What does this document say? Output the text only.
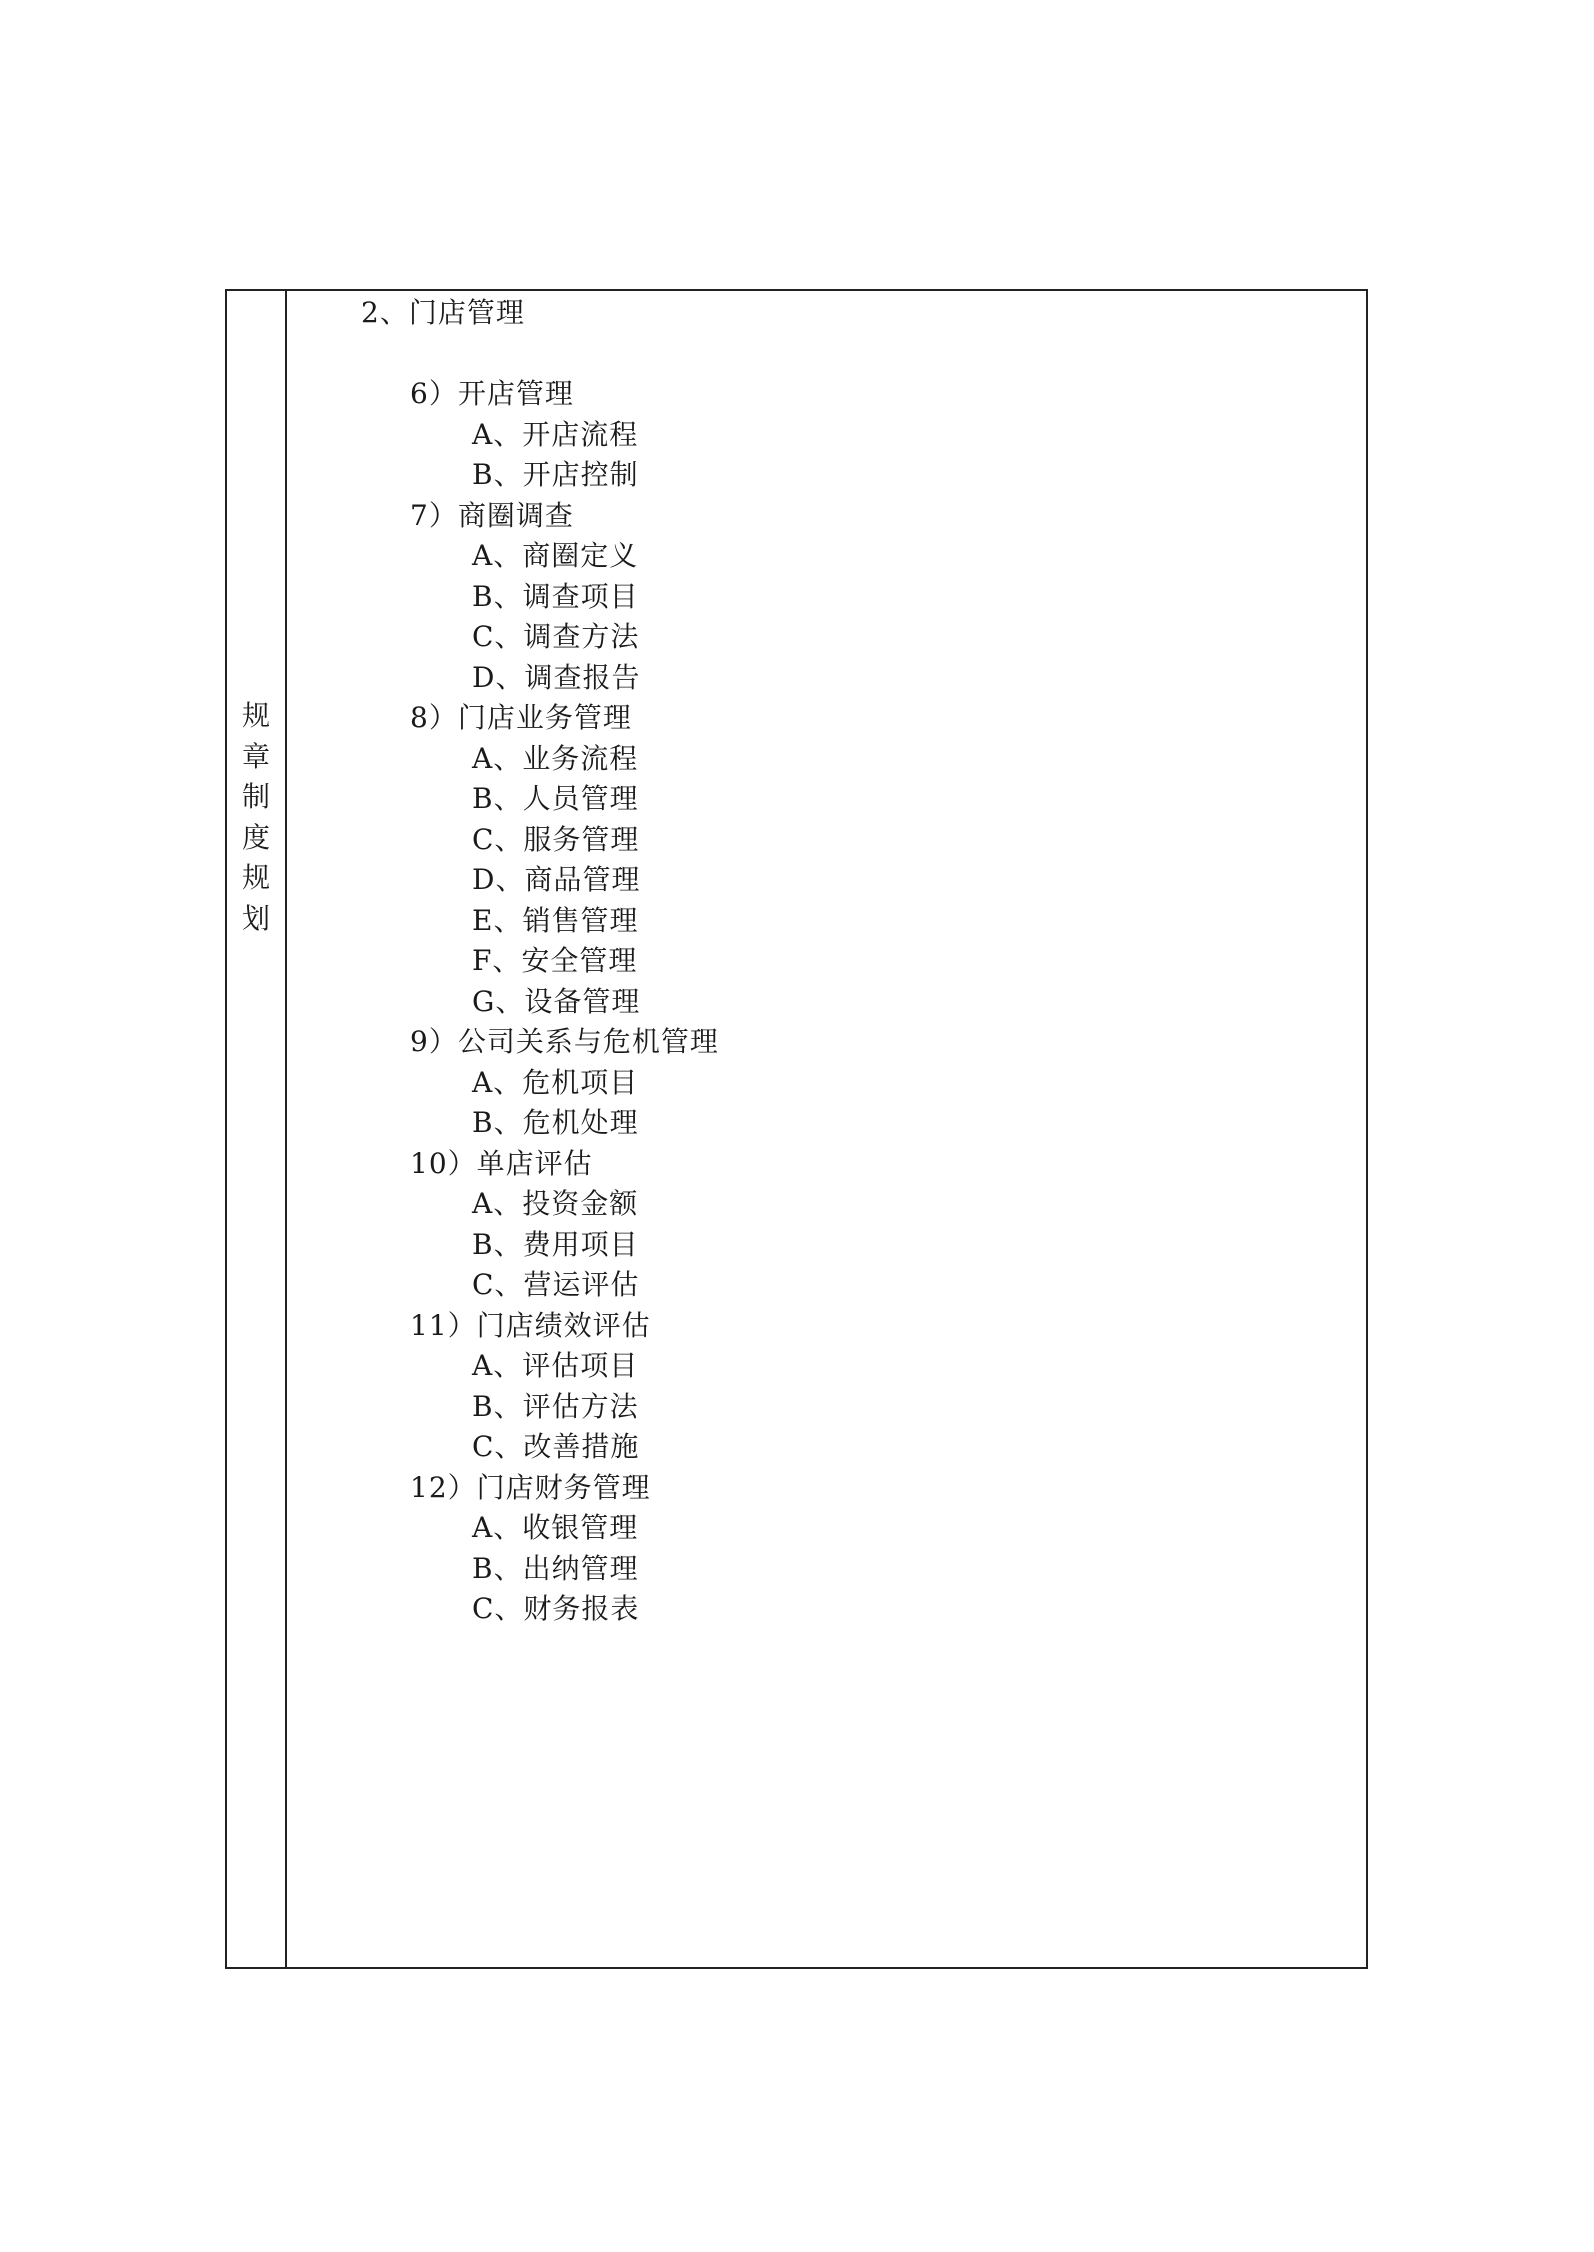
规
章
制
度
规
划
2、门店管理
6）开店管理
A、开店流程
B、开店控制
7）商圈调查
A、商圈定义
B、调查项目
C、调查方法
D、调查报告
8）门店业务管理
A、业务流程
B、人员管理
C、服务管理
D、商品管理
E、销售管理
F、安全管理
G、设备管理
9）公司关系与危机管理
A、危机项目
B、危机处理
10）单店评估
A、投资金额
B、费用项目
C、营运评估
11）门店绩效评估
A、评估项目
B、评估方法
C、改善措施
12）门店财务管理
A、收银管理
B、出纳管理
C、财务报表
